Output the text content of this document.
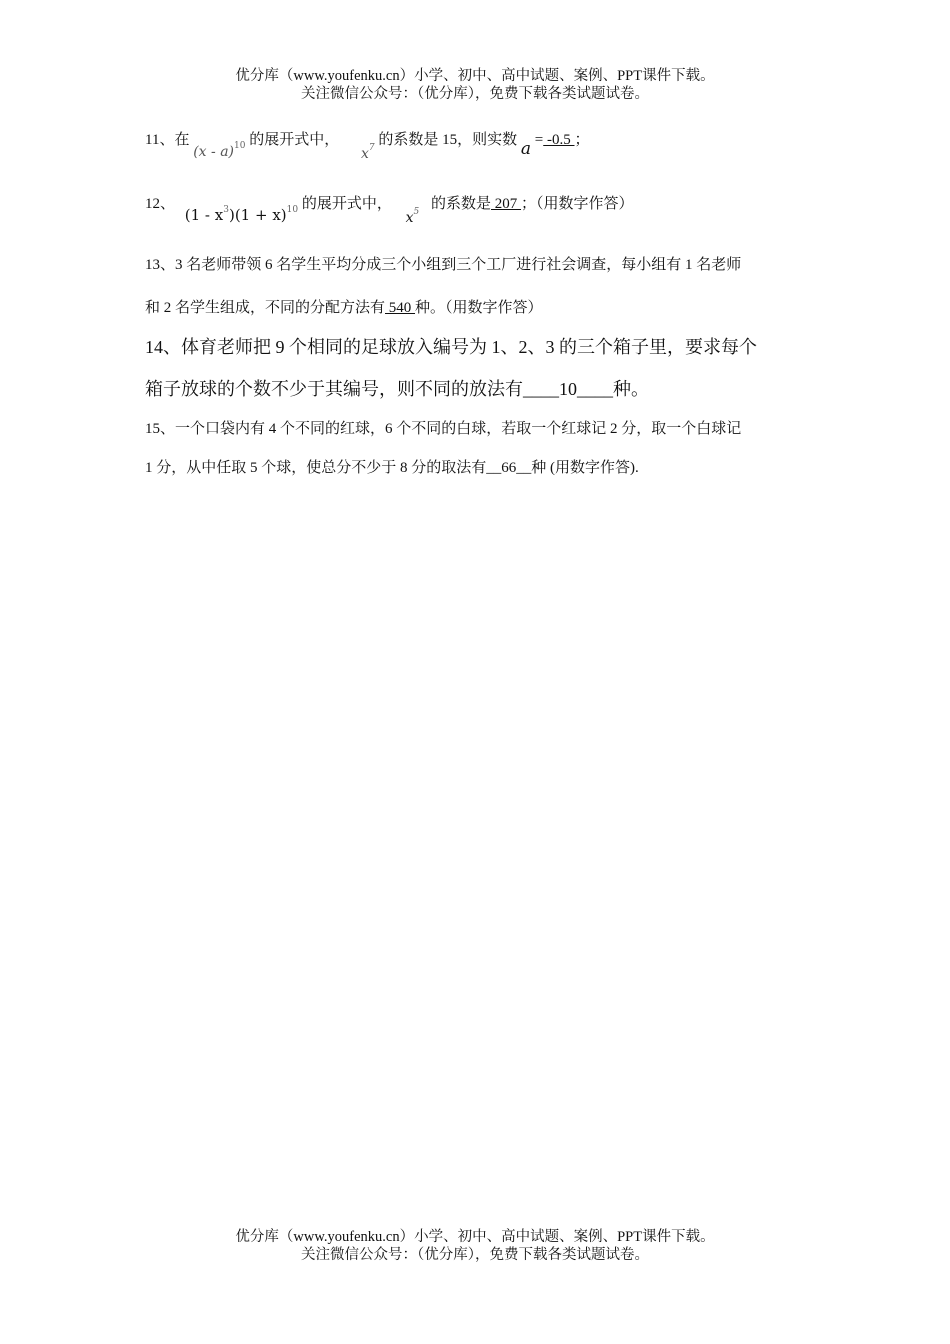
优分库（www.youfenku.cn）小学、初中、高中试题、案例、PPT课件下载。
关注微信公众号：（优分库），免费下载各类试题试卷。
11、在 (x - a)$^{10}$ 的展开式中， $x^7$ 的系数是 15，则实数 a = -0.5 ；
12、 $(1 - x^3)(1 + x)^{10}$ 的展开式中， $x^5$ 的系数是 207 ；（用数字作答）
13、3 名老师带领 6 名学生平均分成三个小组到三个工厂进行社会调查，每小组有 1 名老师
和 2 名学生组成，不同的分配方法有 540 种。（用数字作答）
14、体育老师把 9 个相同的足球放入编号为 1、2、3 的三个箱子里，要求每个
箱子放球的个数不少于其编号，则不同的放法有____10____种。
15、一个口袋内有 4 个不同的红球，6 个不同的白球，若取一个红球记 2 分，取一个白球记
1 分，从中任取 5 个球，使总分不少于 8 分的取法有__66__种 (用数字作答).
优分库（www.youfenku.cn）小学、初中、高中试题、案例、PPT课件下载。
关注微信公众号：（优分库），免费下载各类试题试卷。
